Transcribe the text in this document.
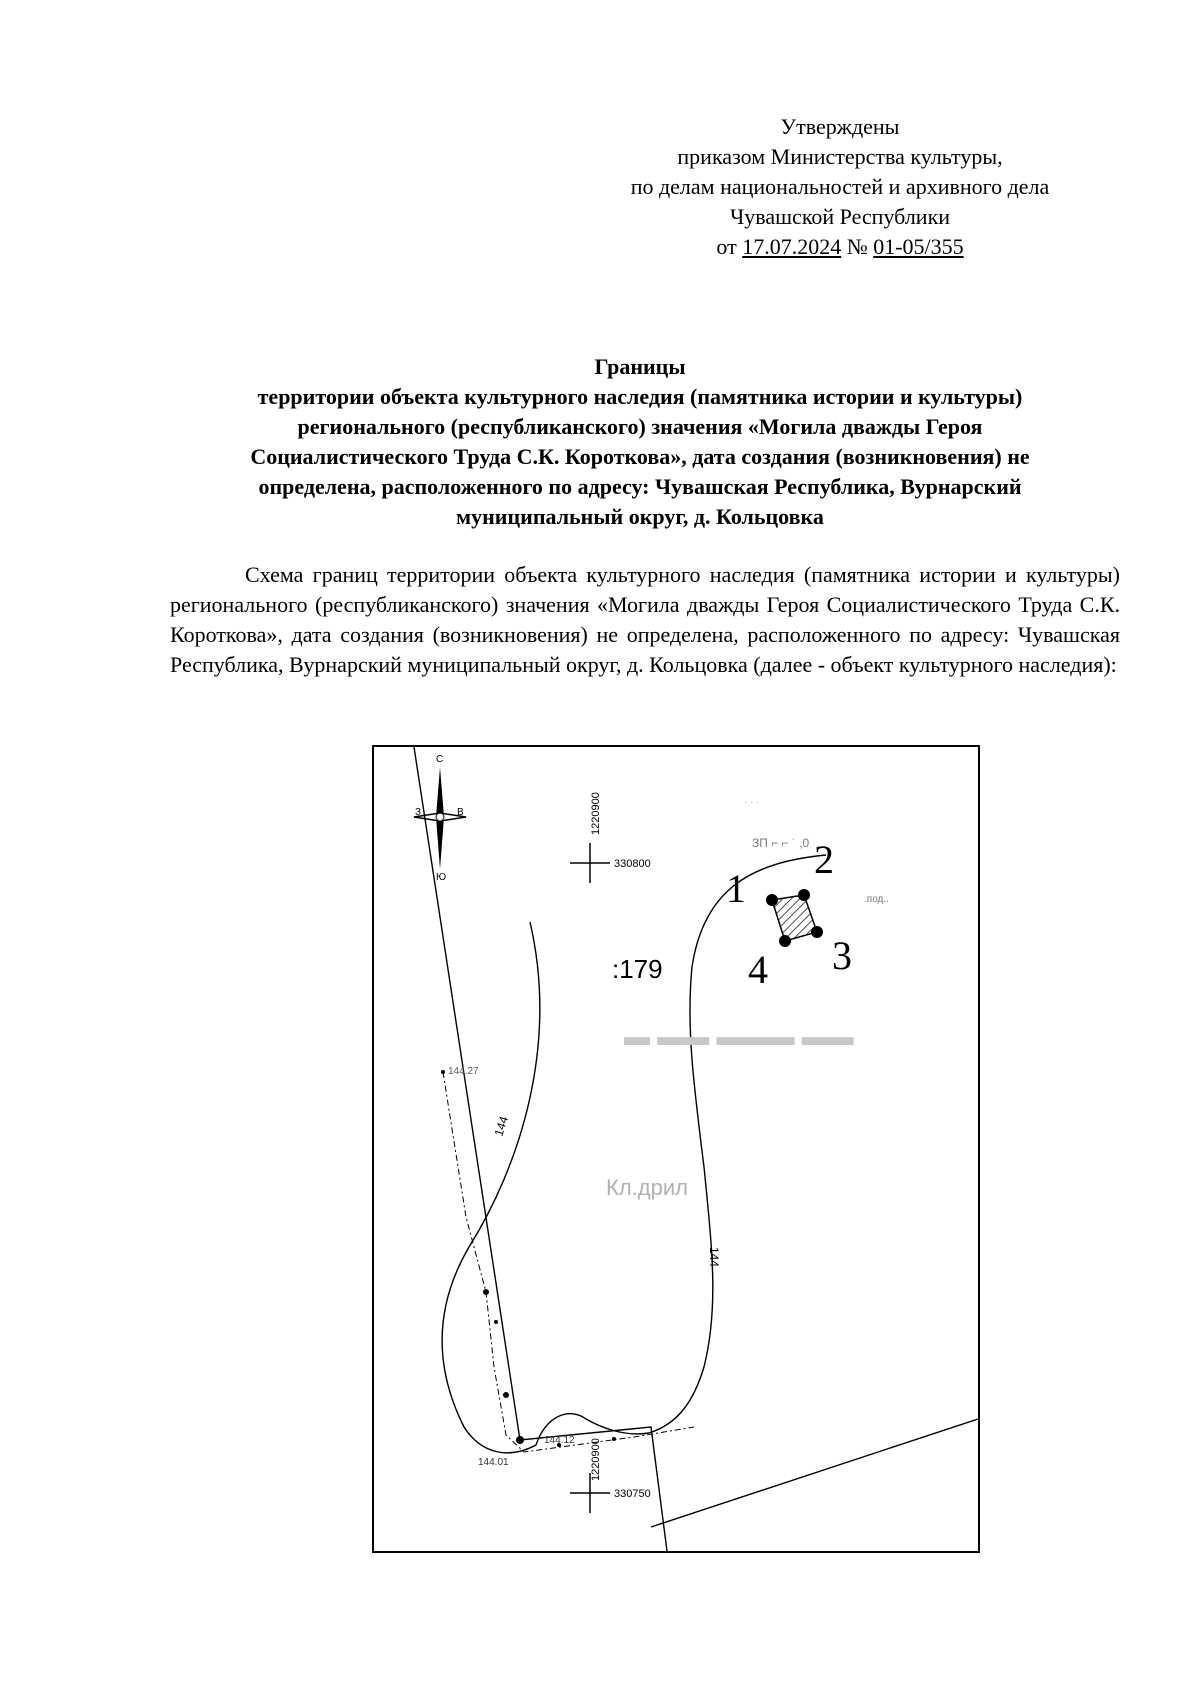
Утверждены
приказом Министерства культуры,
по делам национальностей и архивного дела
Чувашской Республики
от 17.07.2024 № 01-05/355
Границы
территории объекта культурного наследия (памятника истории и культуры)
регионального (республиканского) значения «Могила дважды Героя
Социалистического Труда С.К. Короткова», дата создания (возникновения) не
определена, расположенного по адресу: Чувашская Республика, Вурнарский
муниципальный округ, д. Кольцовка

Схема границ территории объекта культурного наследия (памятника истории и культуры) регионального (республиканского) значения «Могила дважды Героя Социалистического Труда С.К. Короткова», дата создания (возникновения) не определена, расположенного по адресу: Чувашская Республика, Вурнарский муниципальный округ, д. Кольцовка (далее - объект культурного наследия):

С
Ю
З	В
144
144
144.27
144.12
144.01
330800
1220900
330750
1220900
:179
▬ ▬▬ ▬▬▬ ▬▬
Кл.дрил
1
2
3
4
· · ·
ЗП ⌐ ⌐ ˙ ,0
.под..
